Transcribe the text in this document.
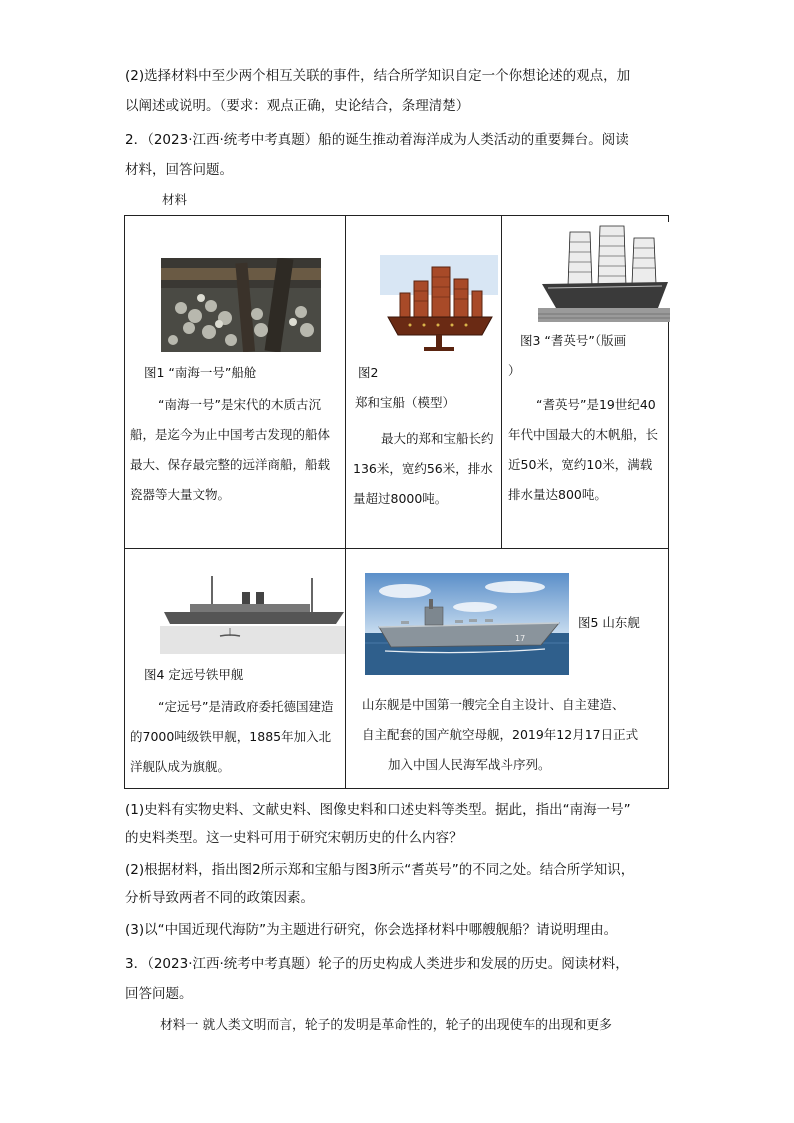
(2)选择材料中至少两个相互关联的事件，结合所学知识自定一个你想论述的观点，加
以阐述或说明。（要求：观点正确，史论结合，条理清楚）
2．（2023·江西·统考中考真题）船的诞生推动着海洋成为人类活动的重要舞台。阅读
材料，回答问题。
材料

图1 “南海一号”船舱
“南海一号”是宋代的木质古沉船，是迄今为止中国考古发现的船体最大、保存最完整的远洋商船，船载瓷器等大量文物。
图2
郑和宝船（模型）
最大的郑和宝船长约136米，宽约56米，排水量超过8000吨。
图3 “耆英号”（版画
）
“耆英号”是19世纪40年代中国最大的木帆船，长近50米，宽约10米，满载排水量达800吨。
图4 定远号铁甲舰
“定远号”是清政府委托德国建造的7000吨级铁甲舰，1885年加入北洋舰队成为旗舰。
17
图5 山东舰
山东舰是中国第一艘完全自主设计、自主建造、
自主配套的国产航空母舰，2019年12月17日正式
加入中国人民海军战斗序列。
(1)史料有实物史料、文献史料、图像史料和口述史料等类型。据此，指出“南海一号”
的史料类型。这一史料可用于研究宋朝历史的什么内容？
(2)根据材料，指出图2所示郑和宝船与图3所示“耆英号”的不同之处。结合所学知识，
分析导致两者不同的政策因素。
(3)以“中国近现代海防”为主题进行研究，你会选择材料中哪艘舰船？请说明理由。
3．（2023·江西·统考中考真题）轮子的历史构成人类进步和发展的历史。阅读材料，
回答问题。
材料一 就人类文明而言，轮子的发明是革命性的，轮子的出现使车的出现和更多
